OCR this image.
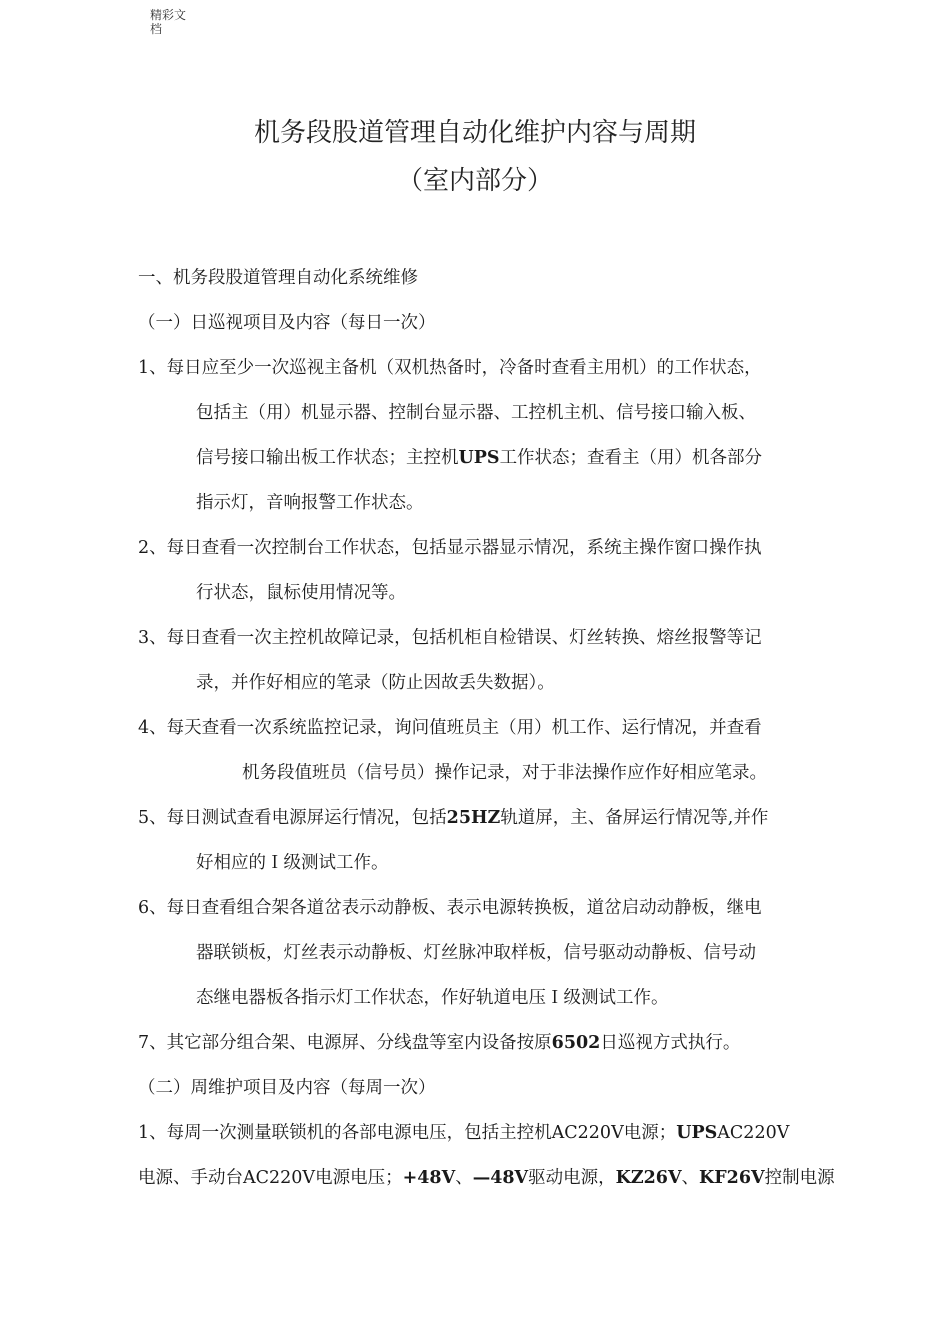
精彩文
档
机务段股道管理自动化维护内容与周期
（室内部分）
一、机务段股道管理自动化系统维修
（一）日巡视项目及内容（每日一次）
1、每日应至少一次巡视主备机（双机热备时，冷备时查看主用机）的工作状态，
包括主（用）机显示器、控制台显示器、工控机主机、信号接口输入板、
信号接口输出板工作状态；主控机UPS工作状态；查看主（用）机各部分
指示灯，音响报警工作状态。
2、每日查看一次控制台工作状态，包括显示器显示情况，系统主操作窗口操作执
行状态，鼠标使用情况等。
3、每日查看一次主控机故障记录，包括机柜自检错误、灯丝转换、熔丝报警等记
录，并作好相应的笔录（防止因故丢失数据）。
4、每天查看一次系统监控记录，询问值班员主（用）机工作、运行情况，并查看
机务段值班员（信号员）操作记录，对于非法操作应作好相应笔录。
5、每日测试查看电源屏运行情况，包括25HZ轨道屏，主、备屏运行情况等,并作
好相应的Ｉ级测试工作。
6、每日查看组合架各道岔表示动静板、表示电源转换板，道岔启动动静板，继电
器联锁板，灯丝表示动静板、灯丝脉冲取样板，信号驱动动静板、信号动
态继电器板各指示灯工作状态，作好轨道电压Ｉ级测试工作。
7、其它部分组合架、电源屏、分线盘等室内设备按原6502日巡视方式执行。
（二）周维护项目及内容（每周一次）
1、每周一次测量联锁机的各部电源电压，包括主控机AC220V电源；UPSAC220V
电源、手动台AC220V电源电压；+48V、—48V驱动电源，KZ26V、KF26V控制电源
